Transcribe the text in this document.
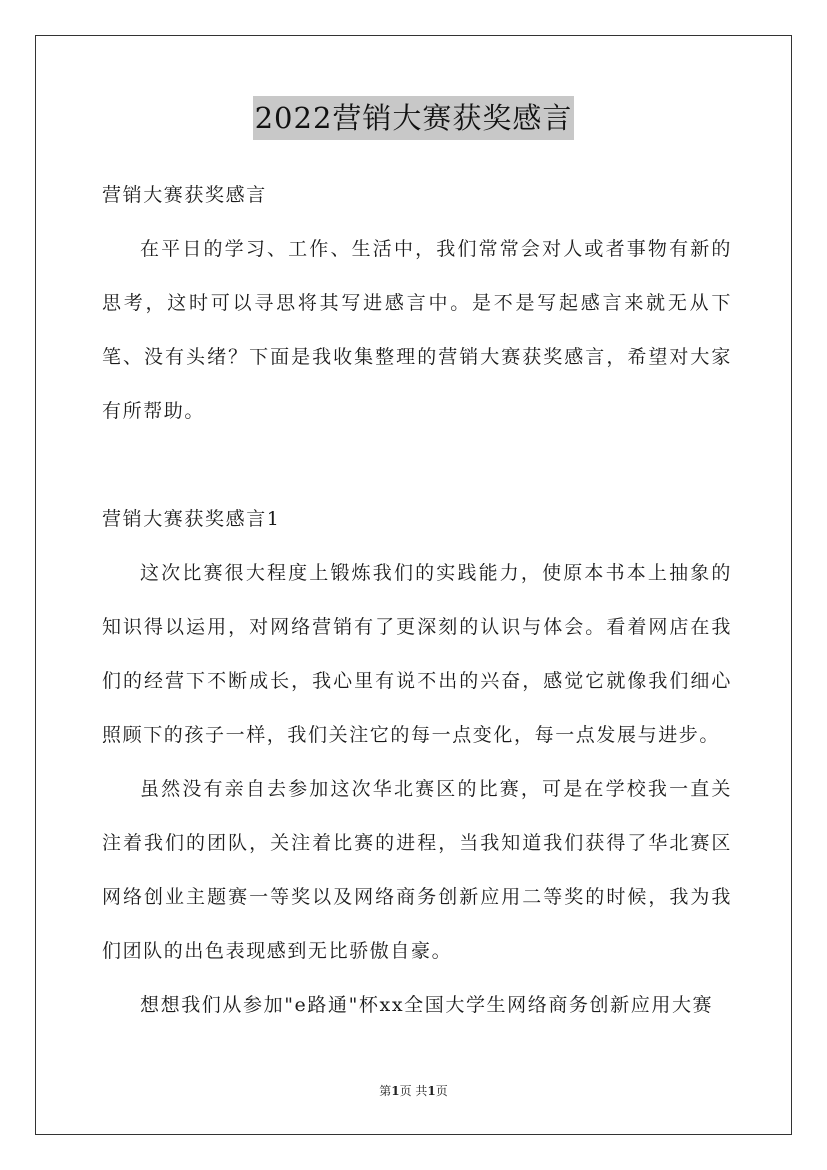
2022营销大赛获奖感言

营销大赛获奖感言

在平日的学习、工作、生活中，我们常常会对人或者事物有新的思考，这时可以寻思将其写进感言中。是不是写起感言来就无从下笔、没有头绪？下面是我收集整理的营销大赛获奖感言，希望对大家有所帮助。

营销大赛获奖感言1

这次比赛很大程度上锻炼我们的实践能力，使原本书本上抽象的知识得以运用，对网络营销有了更深刻的认识与体会。看着网店在我们的经营下不断成长，我心里有说不出的兴奋，感觉它就像我们细心照顾下的孩子一样，我们关注它的每一点变化，每一点发展与进步。

虽然没有亲自去参加这次华北赛区的比赛，可是在学校我一直关注着我们的团队，关注着比赛的进程，当我知道我们获得了华北赛区网络创业主题赛一等奖以及网络商务创新应用二等奖的时候，我为我们团队的出色表现感到无比骄傲自豪。

想想我们从参加"e路通"杯xx全国大学生网络商务创新应用大赛

第1页 共1页
